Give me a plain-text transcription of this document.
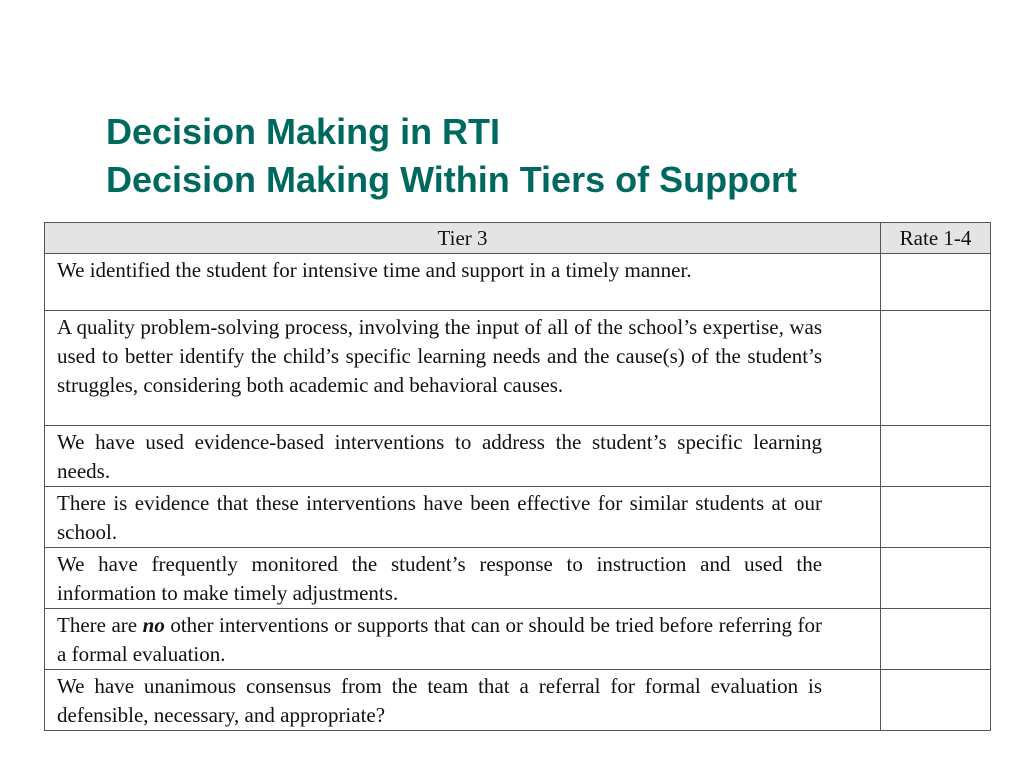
Decision Making in RTI
Decision Making Within Tiers of Support
Tier 3	Rate 1-4
We identified the student for intensive time and support in a timely manner.	
A quality problem-solving process, involving the input of all of the school’s expertise, was used to better identify the child’s specific learning needs and the cause(s) of the student’s struggles, considering both academic and behavioral causes.	
We have used evidence-based interventions to address the student’s specific learning needs.	
There is evidence that these interventions have been effective for similar students at our school.	
We have frequently monitored the student’s response to instruction and used the information to make timely adjustments.	
There are no other interventions or supports that can or should be tried before referring for a formal evaluation.	
We have unanimous consensus from the team that a referral for formal evaluation is defensible, necessary, and appropriate?	
